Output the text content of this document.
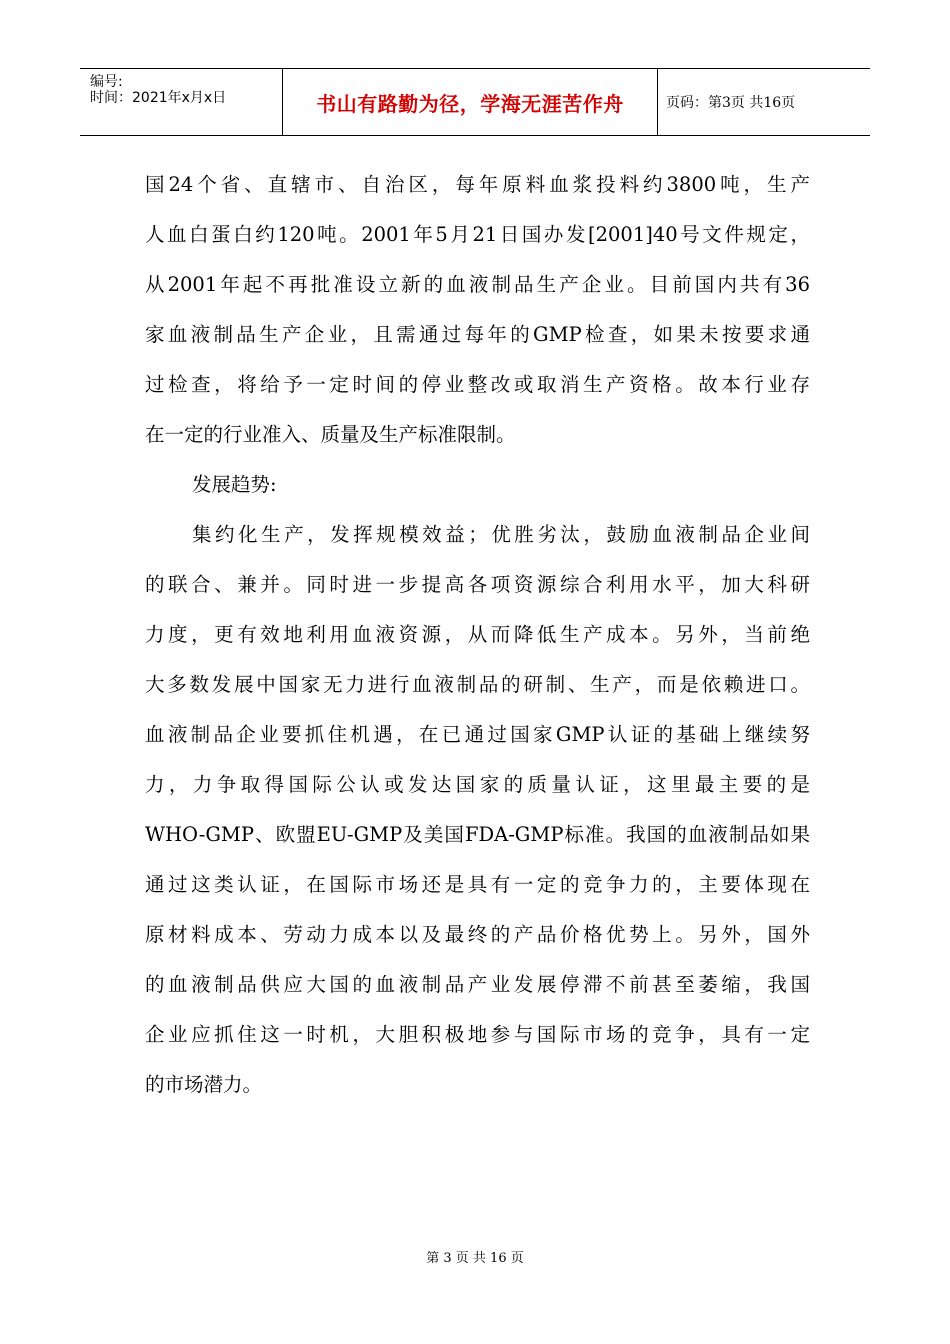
编号:
时间：2021年x月x日	书山有路勤为径，学海无涯苦作舟	页码：第3页 共16页
国24个省、直辖市、自治区，每年原料血浆投料约3800吨，生产
人血白蛋白约120吨。2001年5月21日国办发[2001]40号文件规定，
从2001年起不再批准设立新的血液制品生产企业。目前国内共有36
家血液制品生产企业，且需通过每年的GMP检查，如果未按要求通
过检查，将给予一定时间的停业整改或取消生产资格。故本行业存
在一定的行业准入、质量及生产标准限制。
发展趋势:
集约化生产，发挥规模效益；优胜劣汰，鼓励血液制品企业间
的联合、兼并。同时进一步提高各项资源综合利用水平，加大科研
力度，更有效地利用血液资源，从而降低生产成本。另外，当前绝
大多数发展中国家无力进行血液制品的研制、生产，而是依赖进口。
血液制品企业要抓住机遇，在已通过国家GMP认证的基础上继续努
力，力争取得国际公认或发达国家的质量认证，这里最主要的是
WHO-GMP、欧盟EU-GMP及美国FDA-GMP标准。我国的血液制品如果
通过这类认证，在国际市场还是具有一定的竞争力的，主要体现在
原材料成本、劳动力成本以及最终的产品价格优势上。另外，国外
的血液制品供应大国的血液制品产业发展停滞不前甚至萎缩，我国
企业应抓住这一时机，大胆积极地参与国际市场的竞争，具有一定
的市场潜力。
第 3 页 共 16 页
